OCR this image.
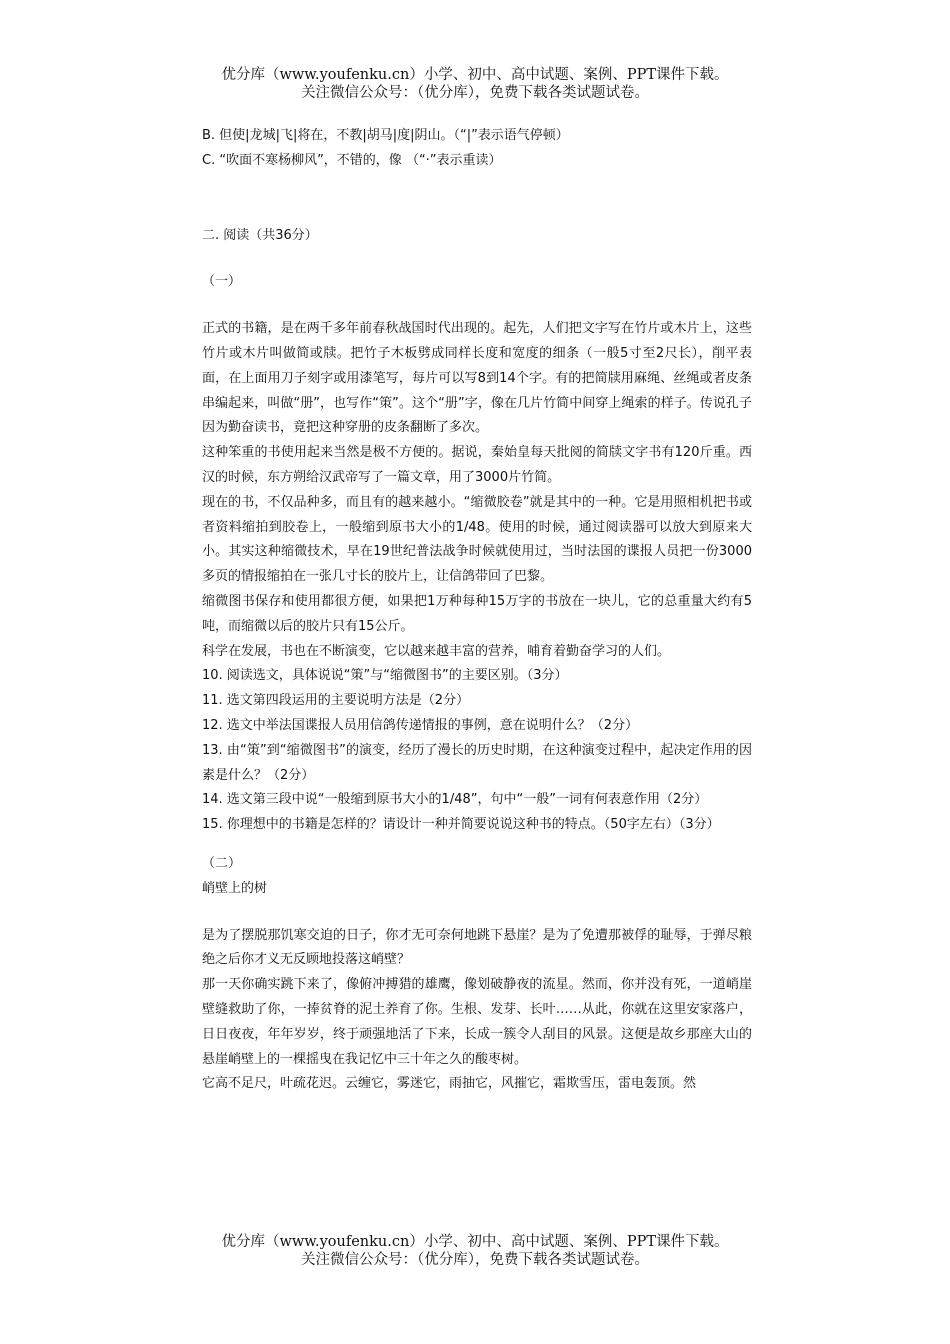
优分库（www.youfenku.cn）小学、初中、高中试题、案例、PPT课件下载。
关注微信公众号：（优分库），免费下载各类试题试卷。

B. 但使|龙城|飞|将在，不教|胡马|度|阴山。（“|”表示语气停顿）

C. “吹面不寒杨柳风”，不错的，像 （“·”表示重读）

二. 阅读（共36分）

（一）

正式的书籍，是在两千多年前春秋战国时代出现的。起先，人们把文字写在竹片或木片上，这些竹片或木片叫做简或牍。把竹子木板劈成同样长度和宽度的细条（一般5寸至2尺长），削平表面，在上面用刀子刻字或用漆笔写，每片可以写8到14个字。有的把简牍用麻绳、丝绳或者皮条串编起来，叫做“册”，也写作“策”。这个“册”字，像在几片竹简中间穿上绳索的样子。传说孔子因为勤奋读书，竟把这种穿册的皮条翻断了多次。

这种笨重的书使用起来当然是极不方便的。据说，秦始皇每天批阅的简牍文字书有120斤重。西汉的时候，东方朔给汉武帝写了一篇文章，用了3000片竹简。

现在的书，不仅品种多，而且有的越来越小。“缩微胶卷”就是其中的一种。它是用照相机把书或者资料缩拍到胶卷上，一般缩到原书大小的1/48。使用的时候，通过阅读器可以放大到原来大小。其实这种缩微技术，早在19世纪普法战争时候就使用过，当时法国的谍报人员把一份3000多页的情报缩拍在一张几寸长的胶片上，让信鸽带回了巴黎。

缩微图书保存和使用都很方便，如果把1万种每种15万字的书放在一块儿，它的总重量大约有5吨，而缩微以后的胶片只有15公斤。

科学在发展，书也在不断演变，它以越来越丰富的营养，哺育着勤奋学习的人们。

10. 阅读选文，具体说说“策”与“缩微图书”的主要区别。（3分）

11. 选文第四段运用的主要说明方法是（2分）

12. 选文中举法国谍报人员用信鸽传递情报的事例，意在说明什么？（2分）

13. 由“策”到“缩微图书”的演变，经历了漫长的历史时期，在这种演变过程中，起决定作用的因素是什么？（2分）

14. 选文第三段中说“一般缩到原书大小的1/48”，句中“一般”一词有何表意作用（2分）

15. 你理想中的书籍是怎样的？请设计一种并简要说说这种书的特点。（50字左右）（3分）

（二）

峭壁上的树

是为了摆脱那饥寒交迫的日子，你才无可奈何地跳下悬崖？是为了免遭那被俘的耻辱，于弹尽粮绝之后你才义无反顾地投落这峭壁？

那一天你确实跳下来了，像俯冲搏猎的雄鹰，像划破静夜的流星。然而，你并没有死，一道峭崖壁缝救助了你，一捧贫脊的泥土养育了你。生根、发芽、长叶……从此，你就在这里安家落户，日日夜夜，年年岁岁，终于顽强地活了下来，长成一簇令人刮目的风景。这便是故乡那座大山的悬崖峭壁上的一棵摇曳在我记忆中三十年之久的酸枣树。

它高不足尺，叶疏花迟。云缠它，雾迷它，雨抽它，风摧它，霜欺雪压，雷电轰顶。然

优分库（www.youfenku.cn）小学、初中、高中试题、案例、PPT课件下载。
关注微信公众号：（优分库），免费下载各类试题试卷。
